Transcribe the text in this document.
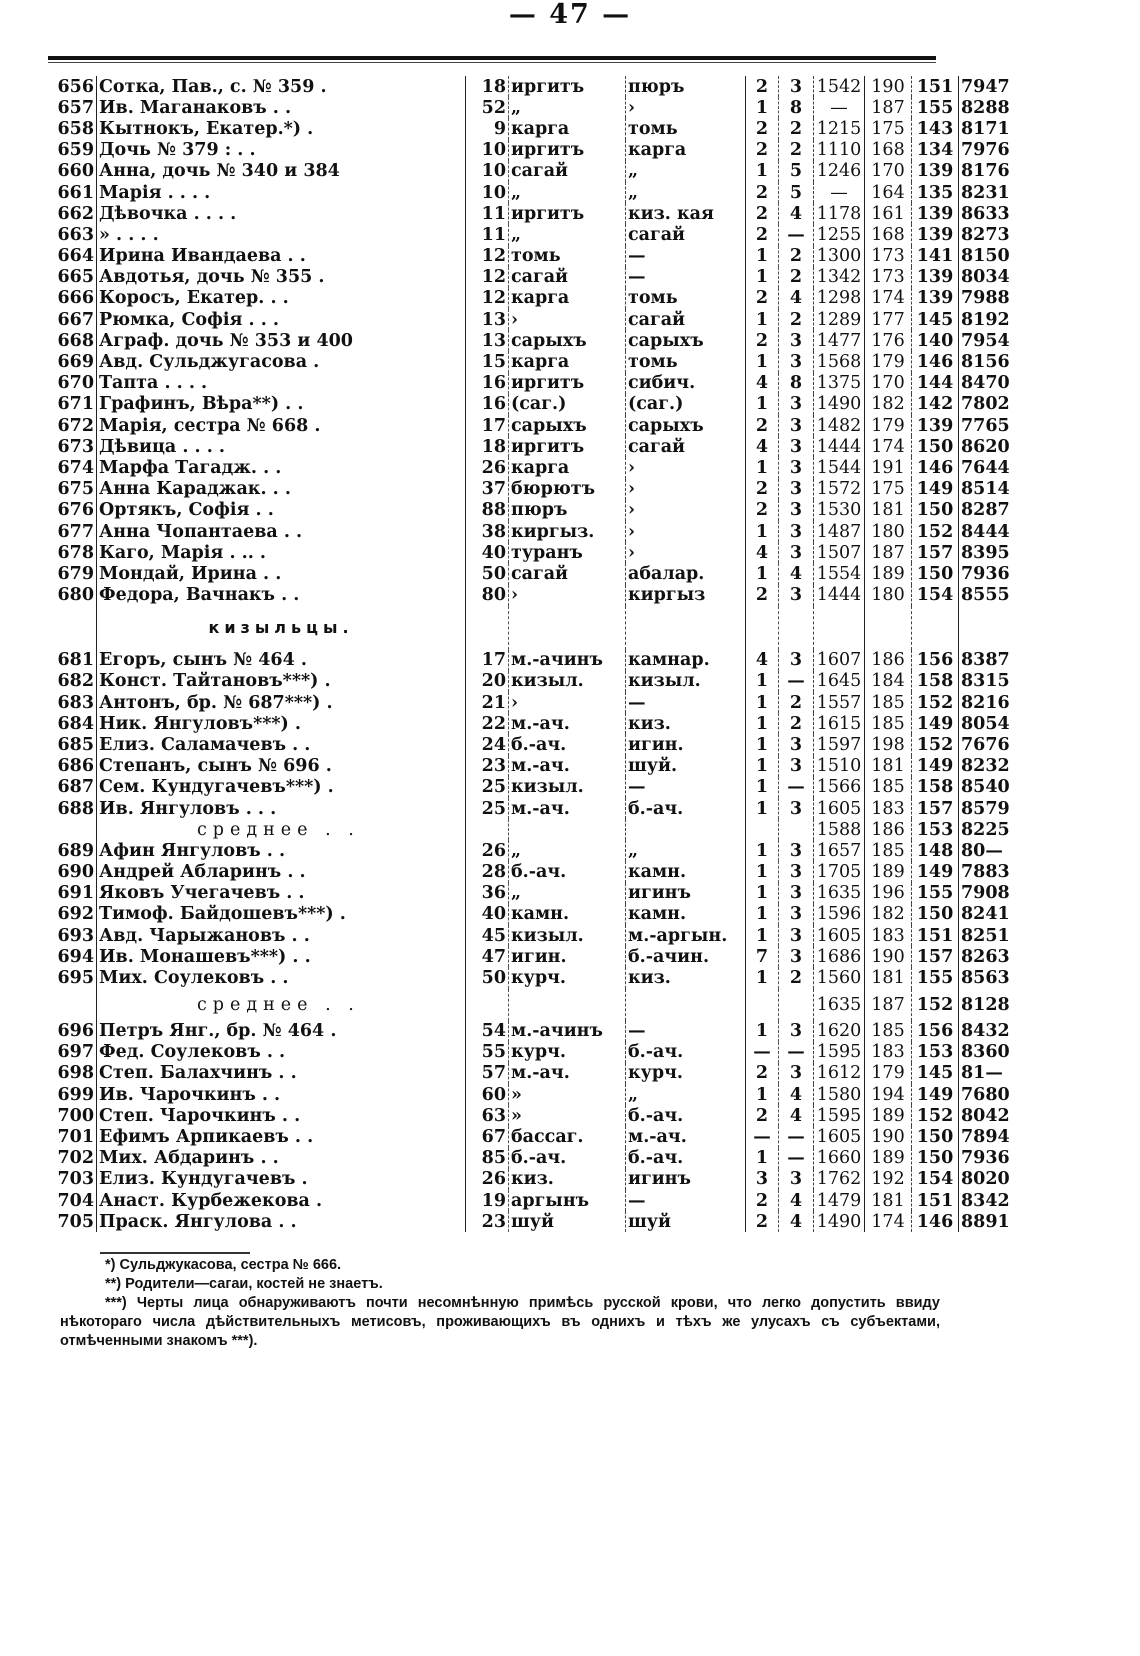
— 47 —
656	Сотка, Пав., с. № 359 .	18	иргитъ	пюръ	2	3	1542	190	151	7947
657	Ив. Маганаковъ . .	52	„	›	1	8	—	187	155	8288
658	Кытнокъ, Екатер.*) .	9	карга	томь	2	2	1215	175	143	8171
659	Дочь № 379 : . .	10	иргитъ	карга	2	2	1110	168	134	7976
660	Анна, дочь № 340 и 384	10	сагай	„	1	5	1246	170	139	8176
661	Марія . . . .	10	„	„	2	5	—	164	135	8231
662	Дѣвочка . . . .	11	иргитъ	киз. кая	2	4	1178	161	139	8633
663	» . . . .	11	„	сагай	2	—	1255	168	139	8273
664	Ирина Ивандаева . .	12	томь	—	1	2	1300	173	141	8150
665	Авдотья, дочь № 355 .	12	сагай	—	1	2	1342	173	139	8034
666	Коросъ, Екатер. . .	12	карга	томь	2	4	1298	174	139	7988
667	Рюмка, Софія . . .	13	›	сагай	1	2	1289	177	145	8192
668	Аграф. дочь № 353 и 400	13	сарыхъ	сарыхъ	2	3	1477	176	140	7954
669	Авд. Сульджугасова .	15	карга	томь	1	3	1568	179	146	8156
670	Тапта . . . .	16	иргитъ	сибич.	4	8	1375	170	144	8470
671	Графинъ, Вѣра**) . .	16	(саг.)	(саг.)	1	3	1490	182	142	7802
672	Марія, сестра № 668 .	17	сарыхъ	сарыхъ	2	3	1482	179	139	7765
673	Дѣвица . . . .	18	иргитъ	сагай	4	3	1444	174	150	8620
674	Марфа Тагадж. . .	26	карга	›	1	3	1544	191	146	7644
675	Анна Караджак. . .	37	бюрютъ	›	2	3	1572	175	149	8514
676	Ортякъ, Софія . .	88	пюръ	›	2	3	1530	181	150	8287
677	Анна Чопантаева . .	38	киргыз.	›	1	3	1487	180	152	8444
678	Каго, Марія . .. .	40	туранъ	›	4	3	1507	187	157	8395
679	Мондай, Ирина . .	50	сагай	абалар.	1	4	1554	189	150	7936
680	Федора, Вачнакъ . .	80	›	киргыз	2	3	1444	180	154	8555
	кизыльцы.									
681	Егоръ, сынъ № 464 .	17	м.-ачинъ	камнар.	4	3	1607	186	156	8387
682	Конст. Тайтановъ***) .	20	кизыл.	кизыл.	1	—	1645	184	158	8315
683	Антонъ, бр. № 687***) .	21	›	—	1	2	1557	185	152	8216
684	Ник. Янгуловъ***) .	22	м.-ач.	киз.	1	2	1615	185	149	8054
685	Елиз. Саламачевъ . .	24	б.-ач.	игин.	1	3	1597	198	152	7676
686	Степанъ, сынъ № 696 .	23	м.-ач.	шуй.	1	3	1510	181	149	8232
687	Сем. Кундугачевъ***) .	25	кизыл.	—	1	—	1566	185	158	8540
688	Ив. Янгуловъ . . .	25	м.-ач.	б.-ач.	1	3	1605	183	157	8579
	среднее . .						1588	186	153	8225
689	Афин Янгуловъ . .	26	„	„	1	3	1657	185	148	80—
690	Андрей Абларинъ . .	28	б.-ач.	камн.	1	3	1705	189	149	7883
691	Яковъ Учегачевъ . .	36	„	игинъ	1	3	1635	196	155	7908
692	Тимоф. Байдошевъ***) .	40	камн.	камн.	1	3	1596	182	150	8241
693	Авд. Чарыжановъ . .	45	кизыл.	м.-аргын.	1	3	1605	183	151	8251
694	Ив. Монашевъ***) . .	47	игин.	б.-ачин.	7	3	1686	190	157	8263
695	Мих. Соулековъ . .	50	курч.	киз.	1	2	1560	181	155	8563
	среднее . .						1635	187	152	8128
696	Петръ Янг., бр. № 464 .	54	м.-ачинъ	—	1	3	1620	185	156	8432
697	Фед. Соулековъ . .	55	курч.	б.-ач.	—	—	1595	183	153	8360
698	Степ. Балахчинъ . .	57	м.-ач.	курч.	2	3	1612	179	145	81—
699	Ив. Чарочкинъ . .	60	»	„	1	4	1580	194	149	7680
700	Степ. Чарочкинъ . .	63	»	б.-ач.	2	4	1595	189	152	8042
701	Ефимъ Арпикаевъ . .	67	бассаг.	м.-ач.	—	—	1605	190	150	7894
702	Мих. Абдаринъ . .	85	б.-ач.	б.-ач.	1	—	1660	189	150	7936
703	Елиз. Кундугачевъ .	26	киз.	игинъ	3	3	1762	192	154	8020
704	Анаст. Курбежекова .	19	аргынъ	—	2	4	1479	181	151	8342
705	Праск. Янгулова . .	23	шуй	шуй	2	4	1490	174	146	8891

*) Сульджукасова, сестра № 666.

**) Родители—сагаи, костей не знаетъ.

***) Черты лица обнаруживаютъ почти несомнѣнную примѣсь русской крови, что легко допустить ввиду нѣкотораго числа дѣйствительныхъ метисовъ, проживающихъ въ однихъ и тѣхъ же улусахъ съ субъектами, отмѣченными знакомъ ***).
